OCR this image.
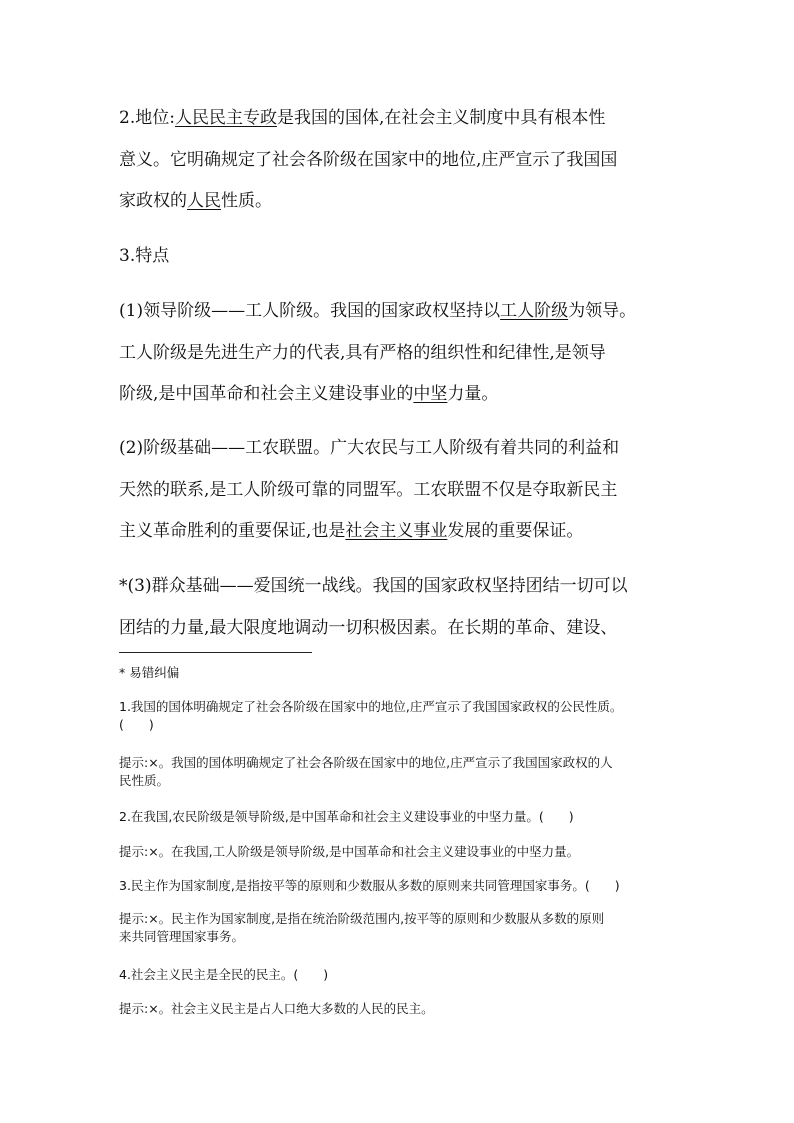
2.地位:人民民主专政是我国的国体,在社会主义制度中具有根本性
意义。它明确规定了社会各阶级在国家中的地位,庄严宣示了我国国
家政权的人民性质。
3.特点
(1)领导阶级——工人阶级。我国的国家政权坚持以工人阶级为领导。
工人阶级是先进生产力的代表,具有严格的组织性和纪律性,是领导
阶级,是中国革命和社会主义建设事业的中坚力量。
(2)阶级基础——工农联盟。广大农民与工人阶级有着共同的利益和
天然的联系,是工人阶级可靠的同盟军。工农联盟不仅是夺取新民主
主义革命胜利的重要保证,也是社会主义事业发展的重要保证。
*(3)群众基础——爱国统一战线。我国的国家政权坚持团结一切可以
团结的力量,最大限度地调动一切积极因素。在长期的革命、建设、
* 易错纠偏
1.我国的国体明确规定了社会各阶级在国家中的地位,庄严宣示了我国国家政权的公民性质。
(　　)
提示:×。我国的国体明确规定了社会各阶级在国家中的地位,庄严宣示了我国国家政权的人
民性质。
2.在我国,农民阶级是领导阶级,是中国革命和社会主义建设事业的中坚力量。(　　)
提示:×。在我国,工人阶级是领导阶级,是中国革命和社会主义建设事业的中坚力量。
3.民主作为国家制度,是指按平等的原则和少数服从多数的原则来共同管理国家事务。(　　)
提示:×。民主作为国家制度,是指在统治阶级范围内,按平等的原则和少数服从多数的原则
来共同管理国家事务。
4.社会主义民主是全民的民主。(　　)
提示:×。社会主义民主是占人口绝大多数的人民的民主。
